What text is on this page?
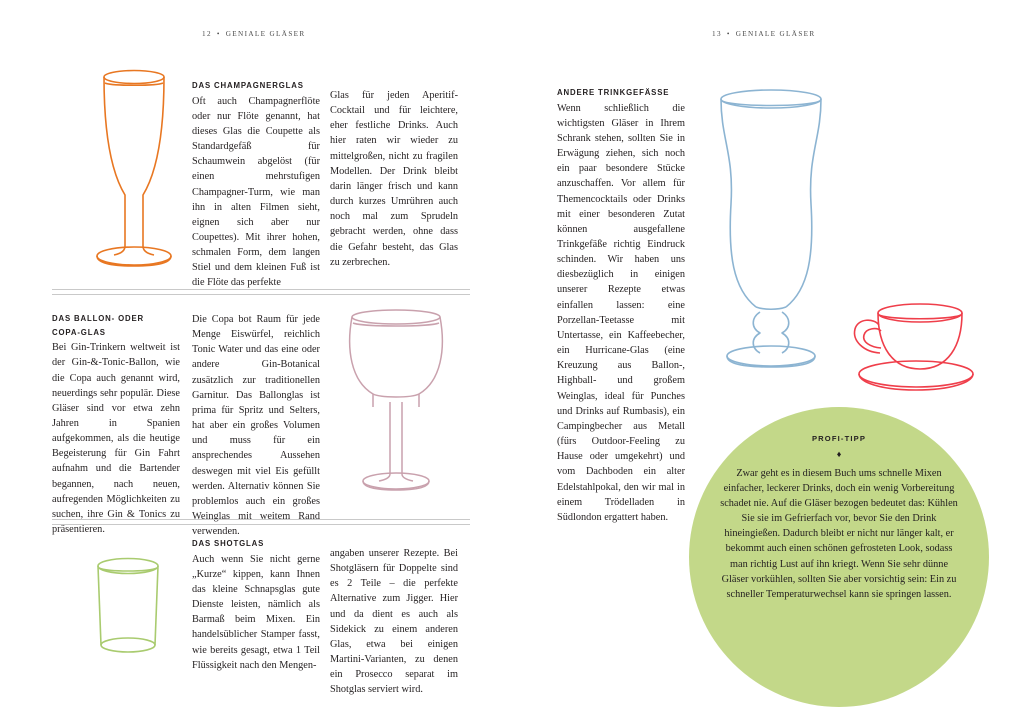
12 • GENIALE GLÄSER	13 • GENIALE GLÄSER
DAS CHAMPAGNERGLAS

Oft auch Champagnerflöte oder nur Flöte genannt, hat dieses Glas die Coupette als Standardgefäß für Schaumwein abgelöst (für einen mehrstufigen Champagner-Turm, wie man ihn in alten Filmen sieht, eignen sich aber nur Coupettes). Mit ihrer hohen, schmalen Form, dem langen Stiel und dem kleinen Fuß ist die Flöte das perfekte

Glas für jeden Aperitif-Cocktail und für leichtere, eher festliche Drinks. Auch hier raten wir wieder zu mittelgroßen, nicht zu fragilen Modellen. Der Drink bleibt darin länger frisch und kann durch kurzes Umrühren auch noch mal zum Sprudeln gebracht werden, ohne dass die Gefahr besteht, das Glas zu zerbrechen.

DAS BALLON- ODER
COPA-GLAS

Bei Gin-Trinkern weltweit ist der Gin-&-Tonic-Ballon, wie die Copa auch genannt wird, neuerdings sehr populär. Diese Gläser sind vor etwa zehn Jahren in Spanien aufgekommen, als die heutige Begeisterung für Gin Fahrt aufnahm und die Bartender begannen, nach neuen, aufregenden Möglichkeiten zu suchen, ihre Gin & Tonics zu präsentieren.

Die Copa bot Raum für jede Menge Eiswürfel, reichlich Tonic Water und das eine oder andere Gin-Botanical zusätzlich zur traditionellen Garnitur. Das Ballonglas ist prima für Spritz und Selters, hat aber ein großes Volumen und muss für ein ansprechendes Aussehen deswegen mit viel Eis gefüllt werden. Alternativ können Sie problemlos auch ein großes Weinglas mit weitem Rand verwenden.

DAS SHOTGLAS

Auch wenn Sie nicht gerne „Kurze“ kippen, kann Ihnen das kleine Schnapsglas gute Dienste leisten, nämlich als Barmaß beim Mixen. Ein handelsüblicher Stamper fasst, wie bereits gesagt, etwa 1 Teil Flüssigkeit nach den Mengen-

angaben unserer Rezepte. Bei Shotgläsern für Doppelte sind es 2 Teile – die perfekte Alternative zum Jigger. Hier und da dient es auch als Sidekick zu einem anderen Glas, etwa bei einigen Martini-Varianten, zu denen ein Prosecco separat im Shotglas serviert wird.

ANDERE TRINKGEFÄSSE

Wenn schließlich die wichtigsten Gläser in Ihrem Schrank stehen, sollten Sie in Erwägung ziehen, sich noch ein paar besondere Stücke anzuschaffen. Vor allem für Themencocktails oder Drinks mit einer besonderen Zutat können ausgefallene Trinkgefäße richtig Eindruck schinden. Wir haben uns diesbezüglich in einigen unserer Rezepte etwas einfallen lassen: eine Porzellan-Teetasse mit Untertasse, ein Kaffeebecher, ein Hurricane-Glas (eine Kreuzung aus Ballon-, Highball- und großem Weinglas, ideal für Punches und Drinks auf Rumbasis), ein Campingbecher aus Metall (fürs Outdoor-Feeling zu Hause oder umgekehrt) und vom Dachboden ein alter Edelstahlpokal, den wir mal in einem Trödelladen in Südlondon ergattert haben.

PROFI-TIPP
♦

Zwar geht es in diesem Buch ums schnelle Mixen einfacher, leckerer Drinks, doch ein wenig Vorbereitung schadet nie. Auf die Gläser bezogen bedeutet das: Kühlen Sie sie im Gefrierfach vor, bevor Sie den Drink hineingießen. Dadurch bleibt er nicht nur länger kalt, er bekommt auch einen schönen gefrosteten Look, sodass man richtig Lust auf ihn kriegt. Wenn Sie sehr dünne Gläser vorkühlen, sollten Sie aber vorsichtig sein: Ein zu schneller Temperaturwechsel kann sie springen lassen.
